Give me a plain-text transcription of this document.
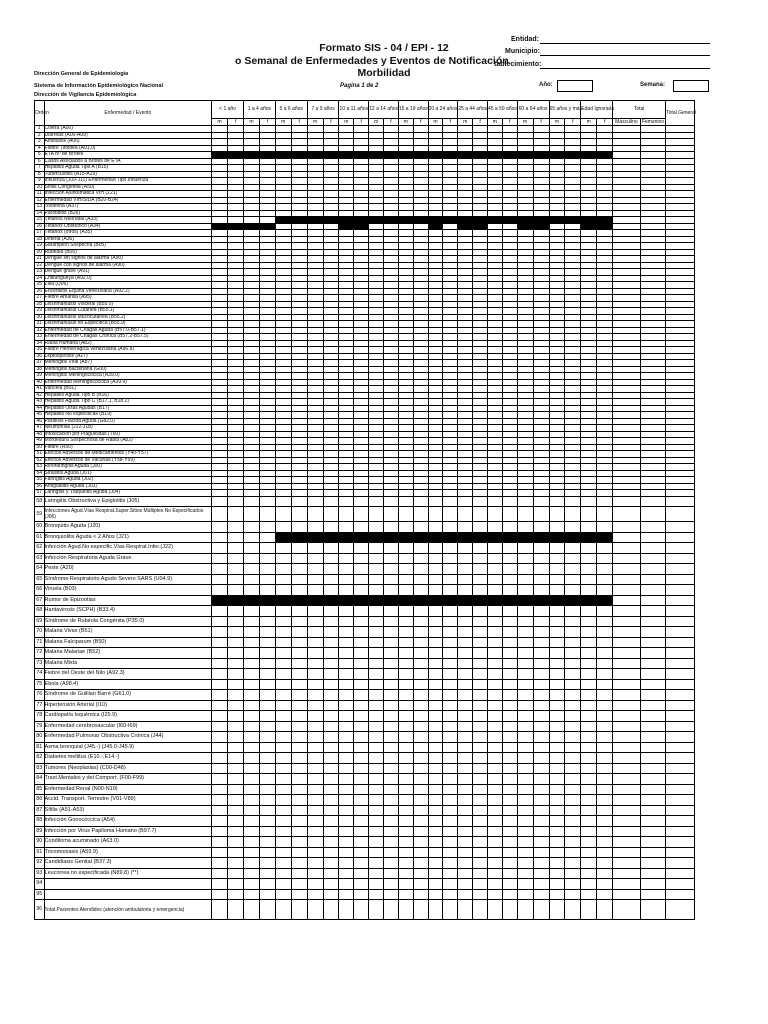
Entidad:
Municipio:
tablecimiento:
Formato SIS - 04 / EPI - 12
o Semanal de Enfermedades y Eventos de Notificación
Morbilidad
Dirección General de Epidemiología
Sistema de Información Epidemiológico Nacional
Dirección de Vigilancia Epidemiológica
Pagina 1 de 2	Año:	Semana:
Orden	Enfermedad / Evento	< 1 año		1 a 4 años		5 a 6 años		7 a 9 años		10 a 11 años		12 a 14 años		15 a 19 años		20 a 24 años		25 a 44 años		45 a 59 años		60 a 64 años		65 años y más		Edad Ignorada		Total		Total General
		m	f	m	f	m	f	m	f	m	f	m	f	m	f	m	f	m	f	m	f	m	f	m	f	m	f	Masculino	Femenino	
1	Cólera (A00)																													
2	Diarreas (A00-A09)																													
3	Amibiasis (A06)																													
4	Fiebre Tifoidea (A01.0)																													
5	ETA Nº de Brotes																													
6	Casos Asociados a Brotes de ETA																													
7	Hepatitis Aguda Tipo A (B15)																													
8	Tuberculosis (A15-A19)																													
9	Influenza (J09-J11) Enfermedad Tipo Influenza																													
10	Sífilis Congénita (A50)																													
11	Infección Asintomática VIH (Z21)																													
12	Enfermedad VIH/SIDA (B20-B24)																													
13	Tosferina (A37)																													
14	Parotiditis (B26)																													
15	Tétanos Neonatal (A33)																													
16	Tétanos Obstétrico (A34)																													
17	Tétanos (otros) (A35)																													
18	Difteria (A36)																													
19	Sarampión Sospecha (B05)																													
20	Rubéola (B06)																													
21	Dengue sin signos de alarma (A90)																													
22	Dengue con signos de alarma (A90)																													
23	Dengue grave (A91)																													
24	Chikungunya (A92.0)																													
25	Zika (U06)																													
26	Encefalitis Equina Venezolana (A92.2)																													
27	Fiebre Amarilla (A95)																													
28	Leishmaniasis Visceral (B55.0)																													
29	Leishmaniasis Cutánea (B55.1)																													
30	Leishmaniasis Mucocutánea (B55.2)																													
31	Leishmaniasis no Específica (B55.9)																													
32	Enfermedad de Chagas Aguda (B57.0-B57.1)																													
33	Enfermedad de Chagas Crónica (B57.2-B57.5)																													
34	Rabia Humana (A82)																													
35	Fiebre Hemorrágica Venezolana (A96.8)																													
36	Leptospirosis (A27)																													
37	Meningitis Viral (A87)																													
38	Meningitis Bacteriana (G00)																													
39	Meningitis Meningocócica (A39.0)																													
40	Enfermedad Meningocóccica (A39.9)																													
41	Varicela (B01)																													
42	Hepatitis Aguda Tipo B (B16)																													
43	Hepatitis Aguda Tipo C (B17.1, B18.2)																													
44	Hepatitis Otras Agudas (B17)																													
45	Hepatitis No especificas (B19)																													
46	Parálisis Flácida Aguda (G82.0)																													
47	Neumonías (J12-J18)																													
48	Intoxicación por Plaguicidas (T60)																													
49	Mordedura Sospechosa de Rabia (A82)																													
50	Fiebre (R50)																													
51	Efectos Adversos de Medicamentos (Y40-Y57)																													
52	Efectos Adversos de Vacunas (Y58-Y59)																													
53	Rinofaringitis Aguda (J00)																													
54	Sinusitis Aguda (J01)																													
55	Faringitis Aguda (J02)																													
56	Amigdalitis Aguda (J03)																													
57	Laringitis y Traqueítis Aguda (J04)																													
58	Laringitis Obstructiva y Epiglotitis (J05)																													
59	Infecciones Agud.Vías Respirat.Super.Sitios Múltiples No Especificados (J06)																													
60	Bronquitis Aguda (J20)																													
61	Bronquiolitis Aguda < 2 Años (J21)																													
62	Infección Agud.No especific.Vías Respirat.Infer.(J22)																													
63	Infección Respiratoria Aguda Grave																													
64	Peste (A20)																													
65	Síndrome Respiratorio Agudo Severo SARS (U04.9)																													
66	Viruela (B03)																													
67	Rumor de Epizootias																													
68	Hantavirosis (SCPH) (B33.4)																													
69	Síndrome de Rubéola Congénita (P35.0)																													
70	Malaria Vivax (B51)																													
71	Malaria Falciparum (B50)																													
72	Malaria Malariae (B52)																													
73	Malaria Mixta																													
74	Fiebre del Oeste del Nilo (A92.3)																													
75	Ebola (A98.4)																													
76	Síndrome de Guillian Barré (G61.0)																													
77	Hipertensión Arterial (I10)																													
78	Cardiopatía Isquémica (I25.9)																													
79	Enfermedad cerebrovascular (I60-I69)																													
80	Enfermedad Pulmonar Obstructiva Crónica (J44)																													
81	Asma bronquial (J45.-) (J45.0-J45.9)																													
82	Diabetes mellitus (E10.-,E14.-)																													
83	Tumores (Neoplasias) (C00-D48)																													
84	Trast.Mentales y del Comport. (F00-F99)																													
85	Enfermedad Renal (N00-N19)																													
86	Accid. Transport. Terrestre (V01-V89)																													
87	Sífilis (A51-A53)																													
88	Infección Gonocóccica (A54)																													
89	Infección por Virus Papiloma Humano (B97.7)																													
90	Condiloma acuminado (A63.0)																													
91	Tricomoniasis (A59.9)																													
92	Candidiasis Genital (B37.3)																													
93	Leucorrea no especificada (N89.8) (**)																													
94																														
95																														
96	Total Pacientes Atendidos (atención ambulatoria y emergencia)																													
